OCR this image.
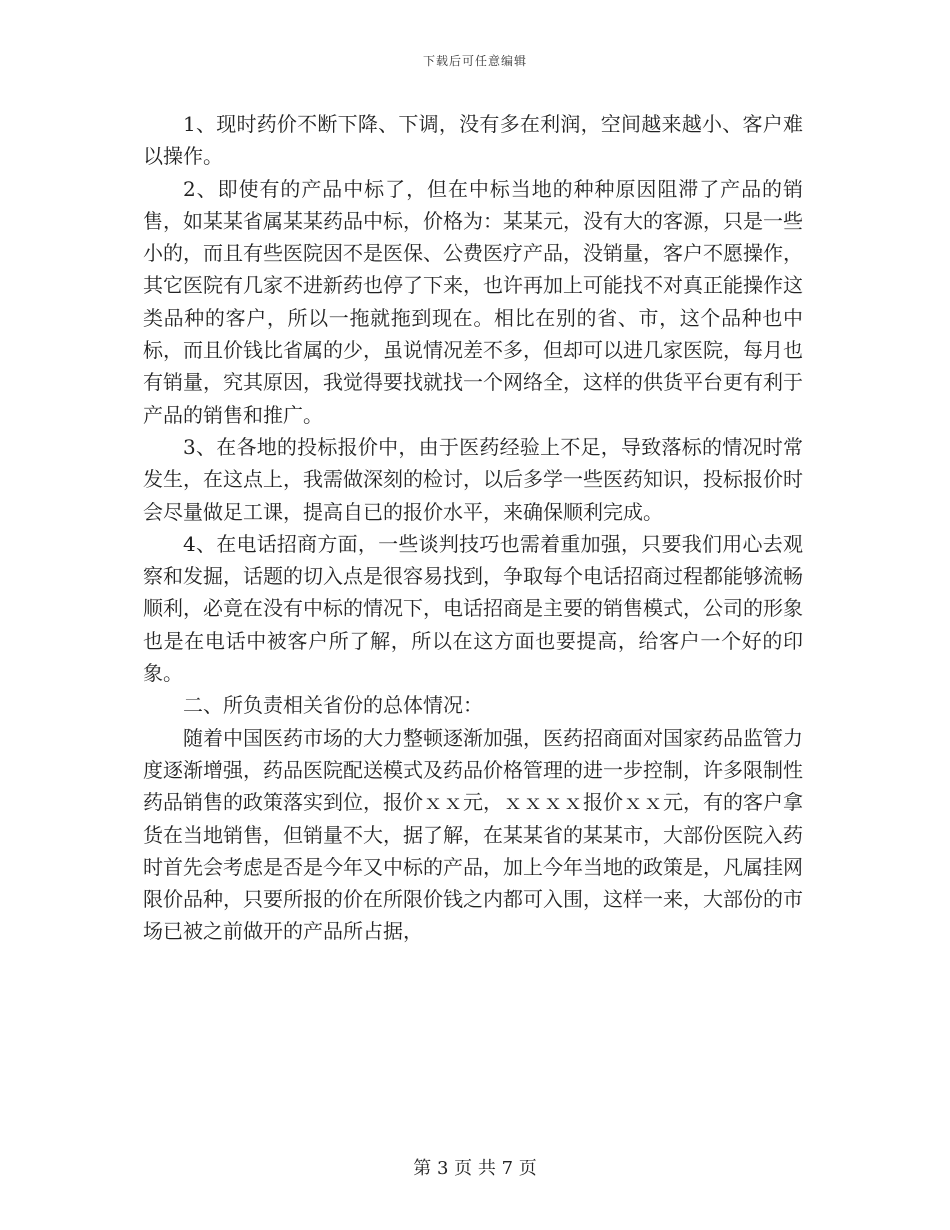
下载后可任意编辑

1、现时药价不断下降、下调，没有多在利润，空间越来越小、客户难以操作。

2、即使有的产品中标了，但在中标当地的种种原因阻滞了产品的销售，如某某省属某某药品中标，价格为：某某元，没有大的客源，只是一些小的，而且有些医院因不是医保、公费医疗产品，没销量，客户不愿操作，其它医院有几家不进新药也停了下来，也许再加上可能找不对真正能操作这类品种的客户，所以一拖就拖到现在。相比在别的省、市，这个品种也中标，而且价钱比省属的少，虽说情况差不多，但却可以进几家医院，每月也有销量，究其原因，我觉得要找就找一个网络全，这样的供货平台更有利于产品的销售和推广。

3、在各地的投标报价中，由于医药经验上不足，导致落标的情况时常发生，在这点上，我需做深刻的检讨，以后多学一些医药知识，投标报价时会尽量做足工课，提高自已的报价水平，来确保顺利完成。

4、在电话招商方面，一些谈判技巧也需着重加强，只要我们用心去观察和发掘，话题的切入点是很容易找到，争取每个电话招商过程都能够流畅顺利，必竟在没有中标的情况下，电话招商是主要的销售模式，公司的形象也是在电话中被客户所了解，所以在这方面也要提高，给客户一个好的印象。

二、所负责相关省份的总体情况：

随着中国医药市场的大力整顿逐渐加强，医药招商面对国家药品监管力度逐渐增强，药品医院配送模式及药品价格管理的进一步控制，许多限制性药品销售的政策落实到位，报价ｘｘ元，ｘｘｘｘ报价ｘｘ元，有的客户拿货在当地销售，但销量不大，据了解，在某某省的某某市，大部份医院入药时首先会考虑是否是今年又中标的产品，加上今年当地的政策是，凡属挂网限价品种，只要所报的价在所限价钱之内都可入围，这样一来，大部份的市场已被之前做开的产品所占据，

第 3 页 共 7 页
